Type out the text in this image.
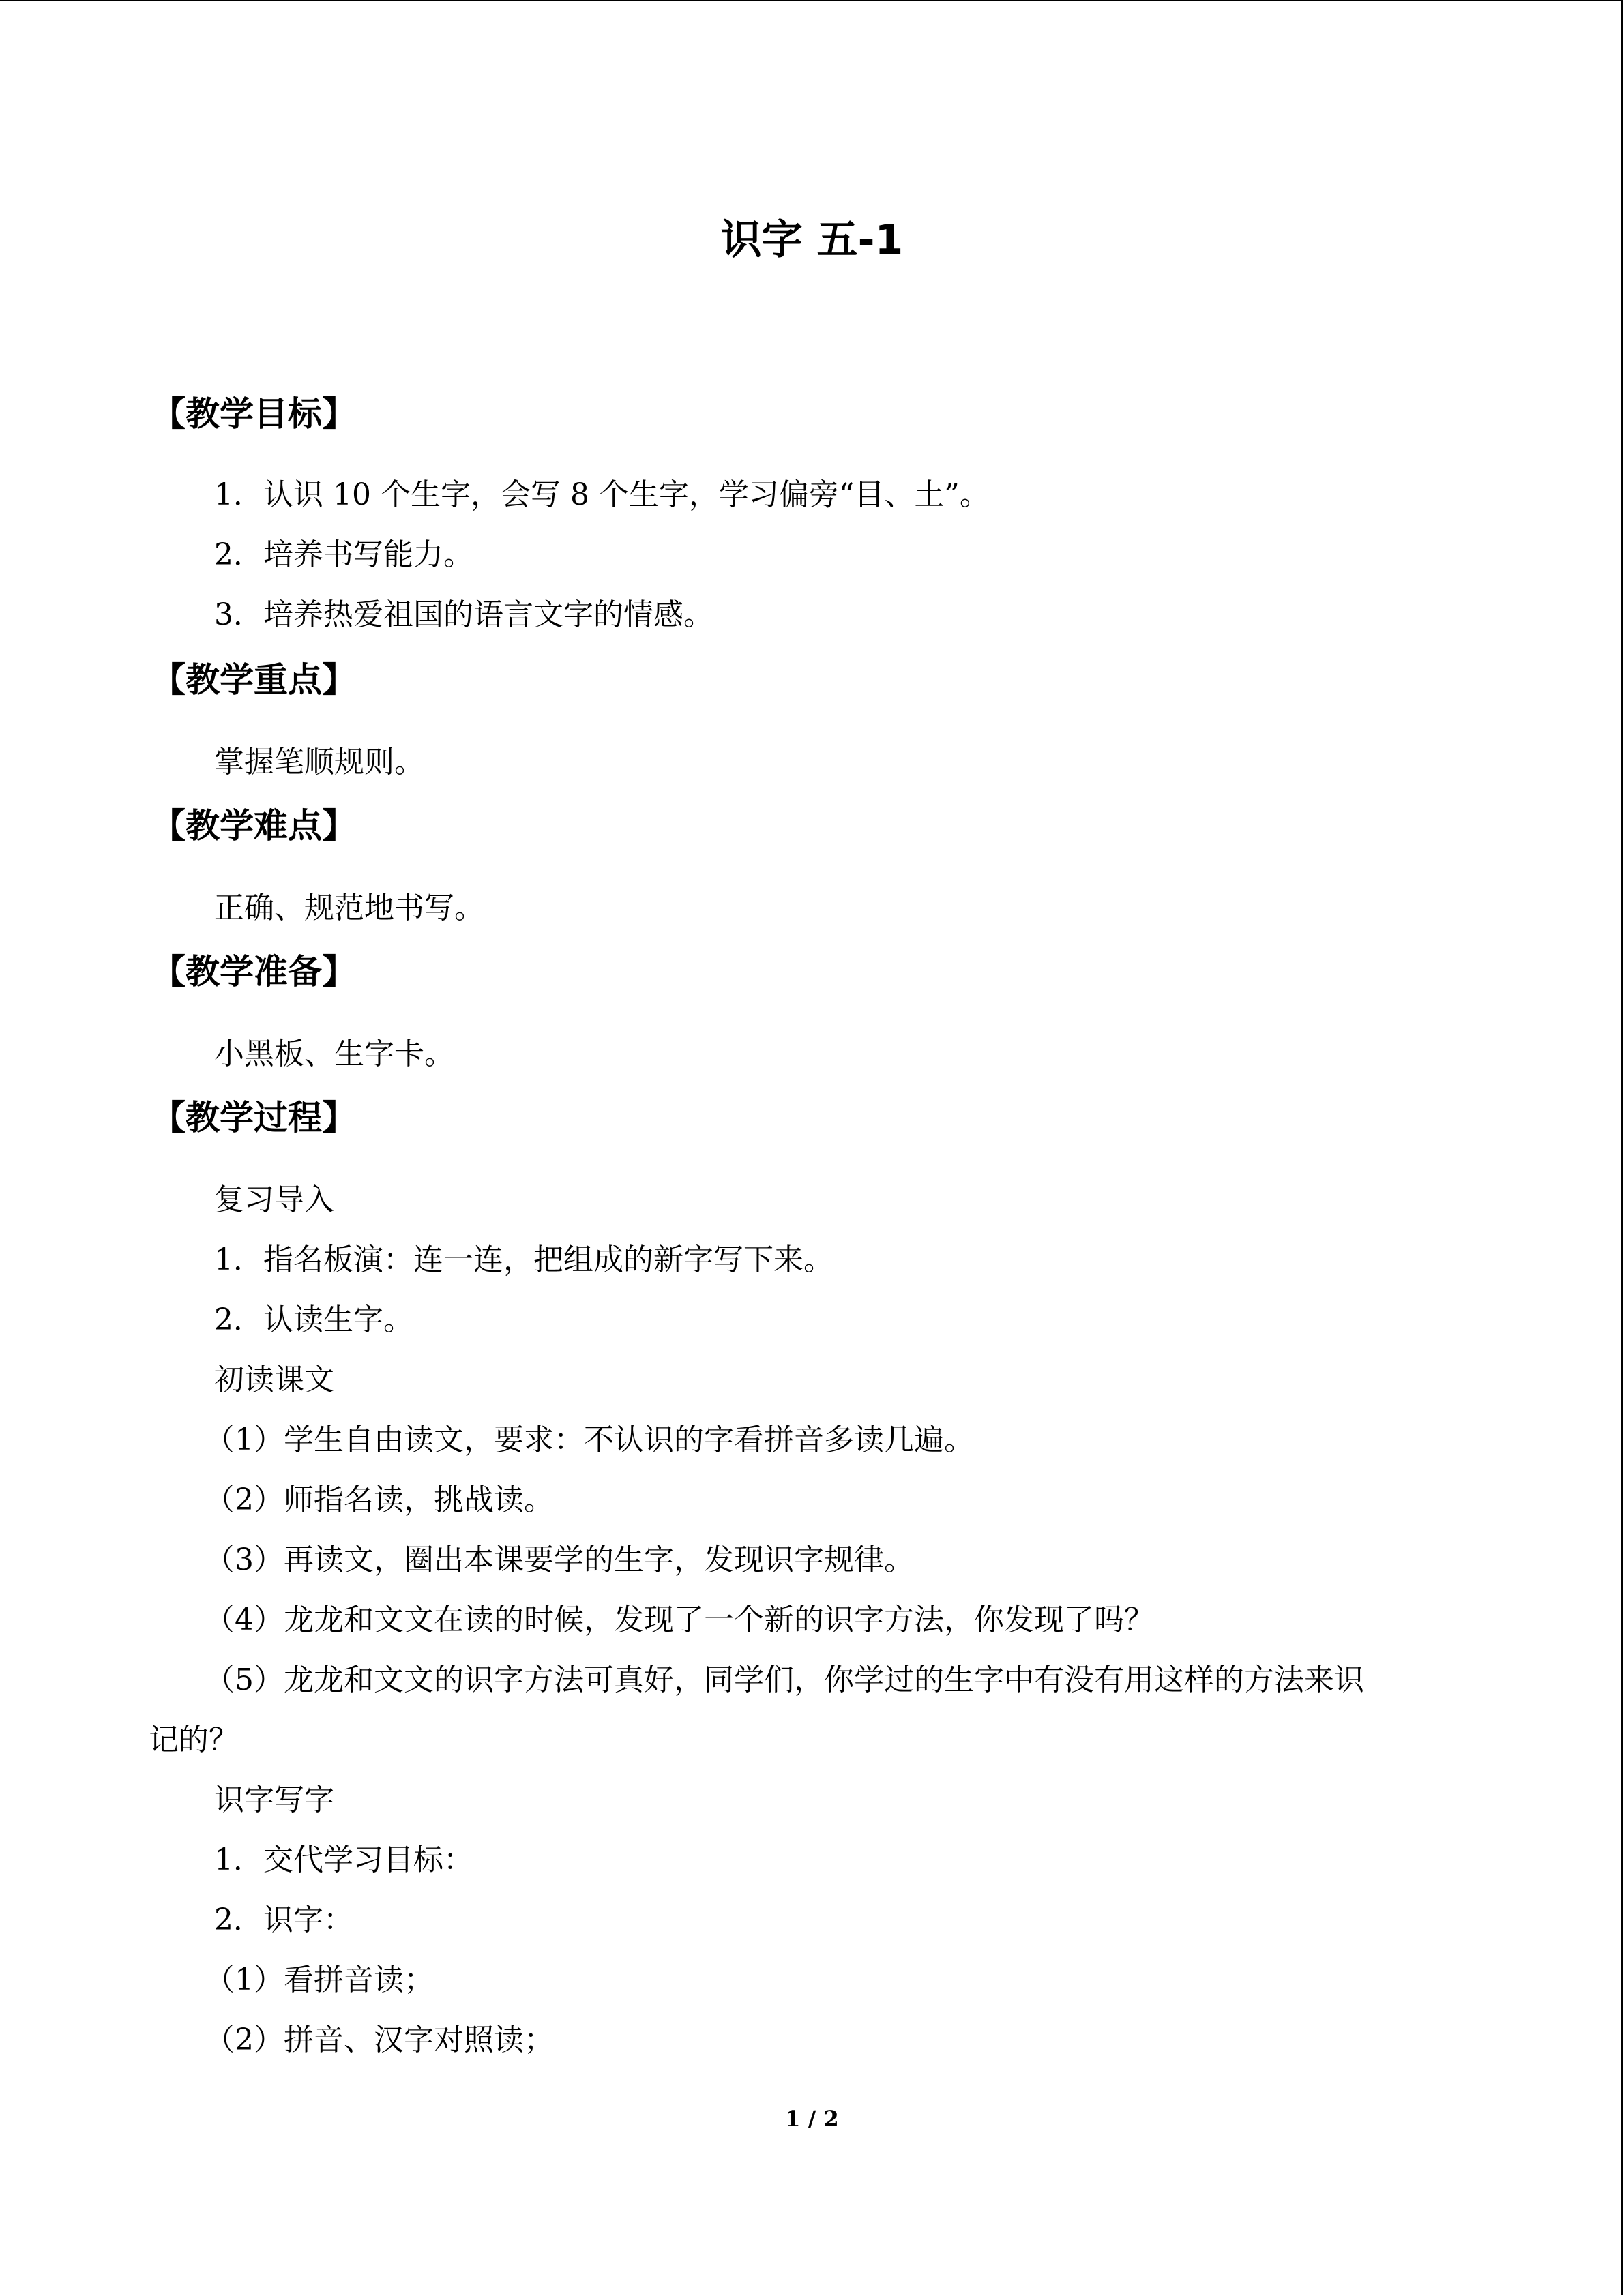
识字 五-1
【教学目标】
1．认识 10 个生字，会写 8 个生字，学习偏旁“目、土”。
2．培养书写能力。
3．培养热爱祖国的语言文字的情感。
【教学重点】
掌握笔顺规则。
【教学难点】
正确、规范地书写。
【教学准备】
小黑板、生字卡。
【教学过程】
复习导入
1．指名板演：连一连，把组成的新字写下来。
2．认读生字。
初读课文
（1）学生自由读文，要求：不认识的字看拼音多读几遍。
（2）师指名读，挑战读。
（3）再读文，圈出本课要学的生字，发现识字规律。
（4）龙龙和文文在读的时候，发现了一个新的识字方法，你发现了吗？
（5）龙龙和文文的识字方法可真好，同学们，你学过的生字中有没有用这样的方法来识
记的？
识字写字
1．交代学习目标：
2．识字：
（1）看拼音读；
（2）拼音、汉字对照读；
1 / 2
